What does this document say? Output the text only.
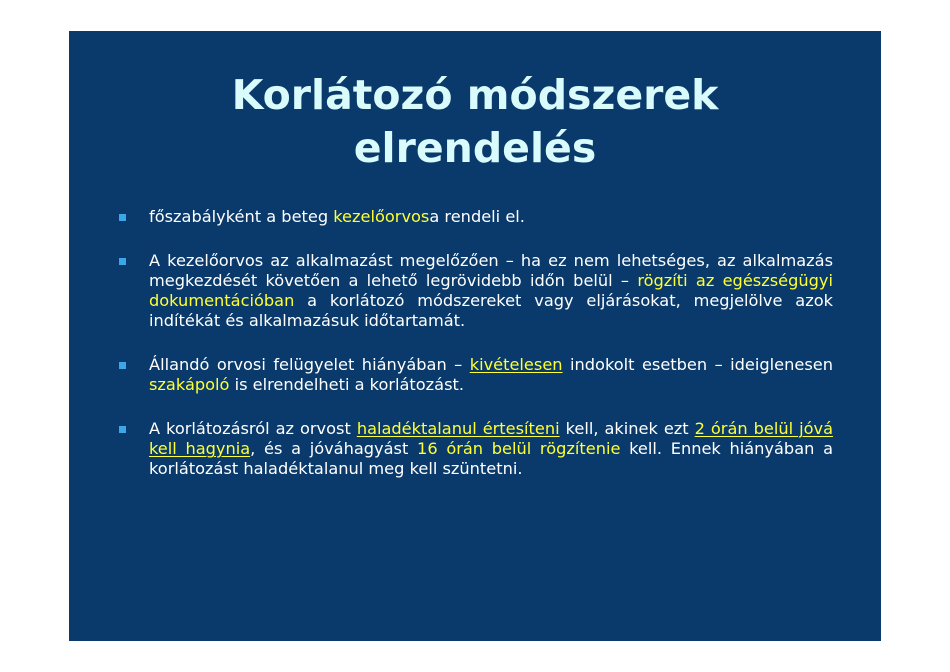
Korlátozó módszerek
elrendelés
főszabályként a beteg kezelőorvosa rendeli el.
A kezelőorvos az alkalmazást megelőzően – ha ez nem lehetséges, az alkalmazás megkezdését követően a lehető legrövidebb időn belül – rögzíti az egészségügyi dokumentációban a korlátozó módszereket vagy eljárásokat, megjelölve azok indítékát és alkalmazásuk időtartamát.
Állandó orvosi felügyelet hiányában – kivételesen indokolt esetben – ideiglenesen szakápoló is elrendelheti a korlátozást.
A korlátozásról az orvost haladéktalanul értesíteni kell, akinek ezt 2 órán belül jóvá kell hagynia, és a jóváhagyást 16 órán belül rögzítenie kell. Ennek hiányában a korlátozást haladéktalanul meg kell szüntetni.
